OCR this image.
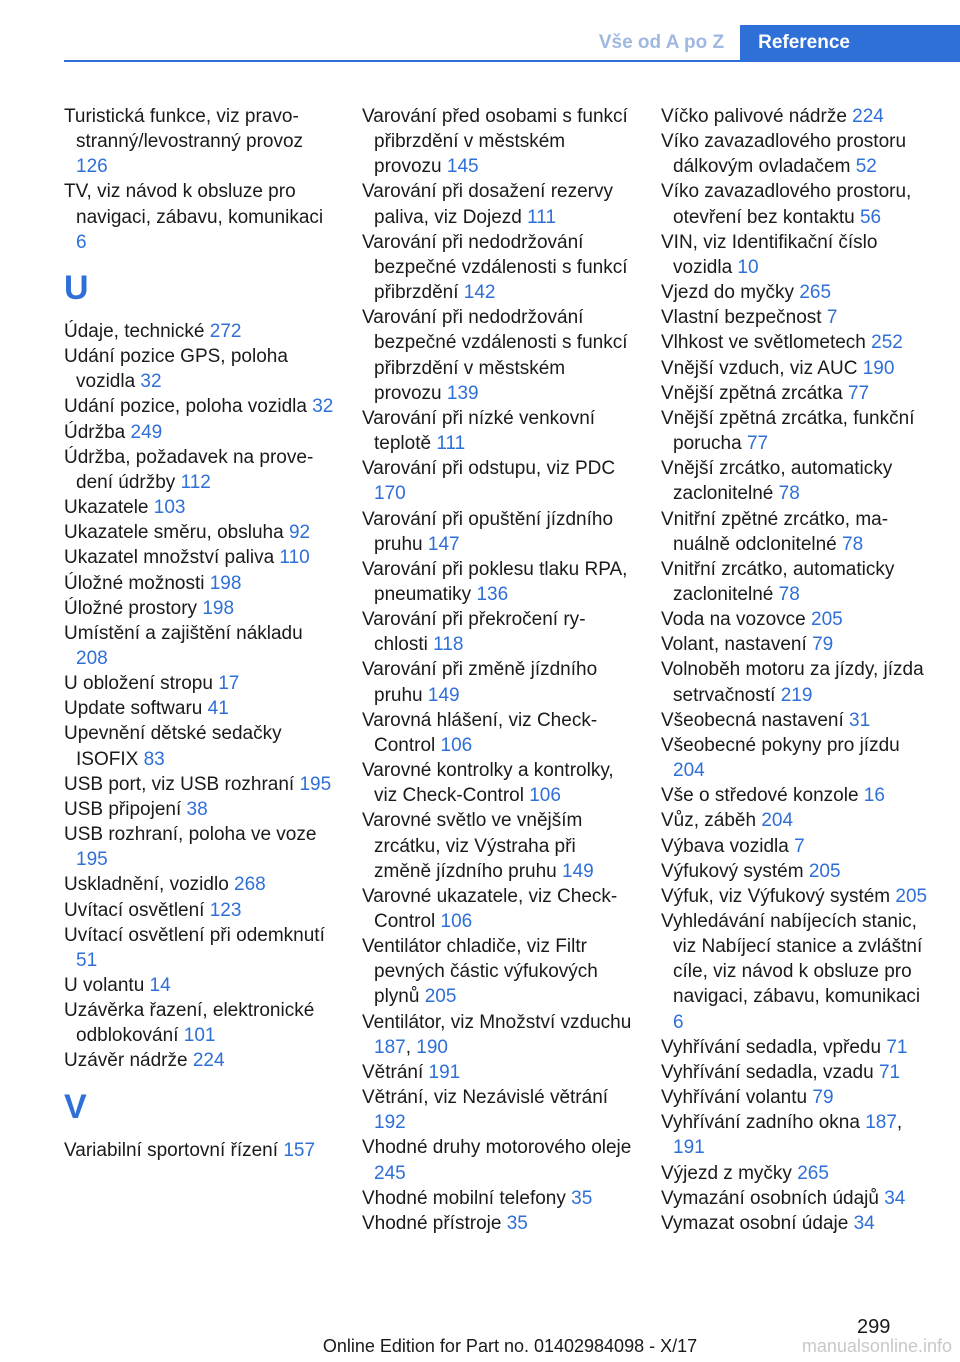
Vše od A po Z	Reference

Turistická funkce, viz pravostranný/levostranný provoz 126

TV, viz návod k obsluze pro navigaci, zábavu, komunikaci 6

U

Údaje, technické 272

Udání pozice GPS, poloha vozidla 32

Udání pozice, poloha vozidla 32

Údržba 249

Údržba, požadavek na provedení údržby 112

Ukazatele 103

Ukazatele směru, obsluha 92

Ukazatel množství paliva 110

Úložné možnosti 198

Úložné prostory 198

Umístění a zajištění nákladu 208

U obložení stropu 17

Update softwaru 41

Upevnění dětské sedačky ISOFIX 83

USB port, viz USB rozhraní 195

USB připojení 38

USB rozhraní, poloha ve voze 195

Uskladnění, vozidlo 268

Uvítací osvětlení 123

Uvítací osvětlení při odemknutí 51

U volantu 14

Uzávěrka řazení, elektronické odblokování 101

Uzávěr nádrže 224

V

Variabilní sportovní řízení 157

Varování před osobami s funkcí přibrzdění v městském provozu 145

Varování při dosažení rezervy paliva, viz Dojezd 111

Varování při nedodržování bezpečné vzdálenosti s funkcí přibrzdění 142

Varování při nedodržování bezpečné vzdálenosti s funkcí přibrzdění v městském provozu 139

Varování při nízké venkovní teplotě 111

Varování při odstupu, viz PDC 170

Varování při opuštění jízdního pruhu 147

Varování při poklesu tlaku RPA, pneumatiky 136

Varování při překročení rychlosti 118

Varování při změně jízdního pruhu 149

Varovná hlášení, viz Check-Control 106

Varovné kontrolky a kontrolky, viz Check-Control 106

Varovné světlo ve vnějším zrcátku, viz Výstraha při změně jízdního pruhu 149

Varovné ukazatele, viz Check-Control 106

Ventilátor chladiče, viz Filtr pevných částic výfukových plynů 205

Ventilátor, viz Množství vzduchu 187, 190

Větrání 191

Větrání, viz Nezávislé větrání 192

Vhodné druhy motorového oleje 245

Vhodné mobilní telefony 35

Vhodné přístroje 35

Víčko palivové nádrže 224

Víko zavazadlového prostoru dálkovým ovladačem 52

Víko zavazadlového prostoru, otevření bez kontaktu 56

VIN, viz Identifikační číslo vozidla 10

Vjezd do myčky 265

Vlastní bezpečnost 7

Vlhkost ve světlometech 252

Vnější vzduch, viz AUC 190

Vnější zpětná zrcátka 77

Vnější zpětná zrcátka, funkční porucha 77

Vnější zrcátko, automaticky zaclonitelné 78

Vnitřní zpětné zrcátko, manuálně odclonitelné 78

Vnitřní zrcátko, automaticky zaclonitelné 78

Voda na vozovce 205

Volant, nastavení 79

Volnoběh motoru za jízdy, jízda setrvačností 219

Všeobecná nastavení 31

Všeobecné pokyny pro jízdu 204

Vše o středové konzole 16

Vůz, záběh 204

Výbava vozidla 7

Výfukový systém 205

Výfuk, viz Výfukový systém 205

Vyhledávání nabíjecích stanic, viz Nabíjecí stanice a zvláštní cíle, viz návod k obsluze pro navigaci, zábavu, komunikaci 6

Vyhřívání sedadla, vpředu 71

Vyhřívání sedadla, vzadu 71

Vyhřívání volantu 79

Vyhřívání zadního okna 187, 191

Výjezd z myčky 265

Vymazání osobních údajů 34

Vymazat osobní údaje 34

299
Online Edition for Part no. 01402984098 - X/17	manualsonline.info
